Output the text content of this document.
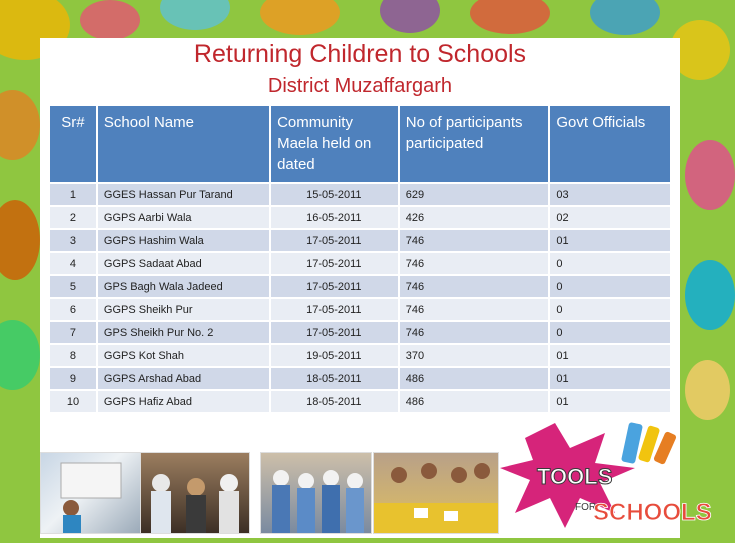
Returning Children to Schools
District Muzaffargarh
Sr#	School Name	Community Maela held on dated	No of participants participated	Govt Officials
1	GGES Hassan Pur Tarand	15-05-2011	629	03
2	GGPS Aarbi Wala	16-05-2011	426	02
3	GGPS Hashim Wala	17-05-2011	746	01
4	GGPS Sadaat Abad	17-05-2011	746	0
5	GPS Bagh Wala Jadeed	17-05-2011	746	0
6	GGPS Sheikh Pur	17-05-2011	746	0
7	GPS Sheikh Pur No. 2	17-05-2011	746	0
8	GGPS Kot Shah	19-05-2011	370	01
9	GGPS Arshad Abad	18-05-2011	486	01
10	GGPS Hafiz Abad	18-05-2011	486	01
TOOLS
FOR
SCHOOLS
